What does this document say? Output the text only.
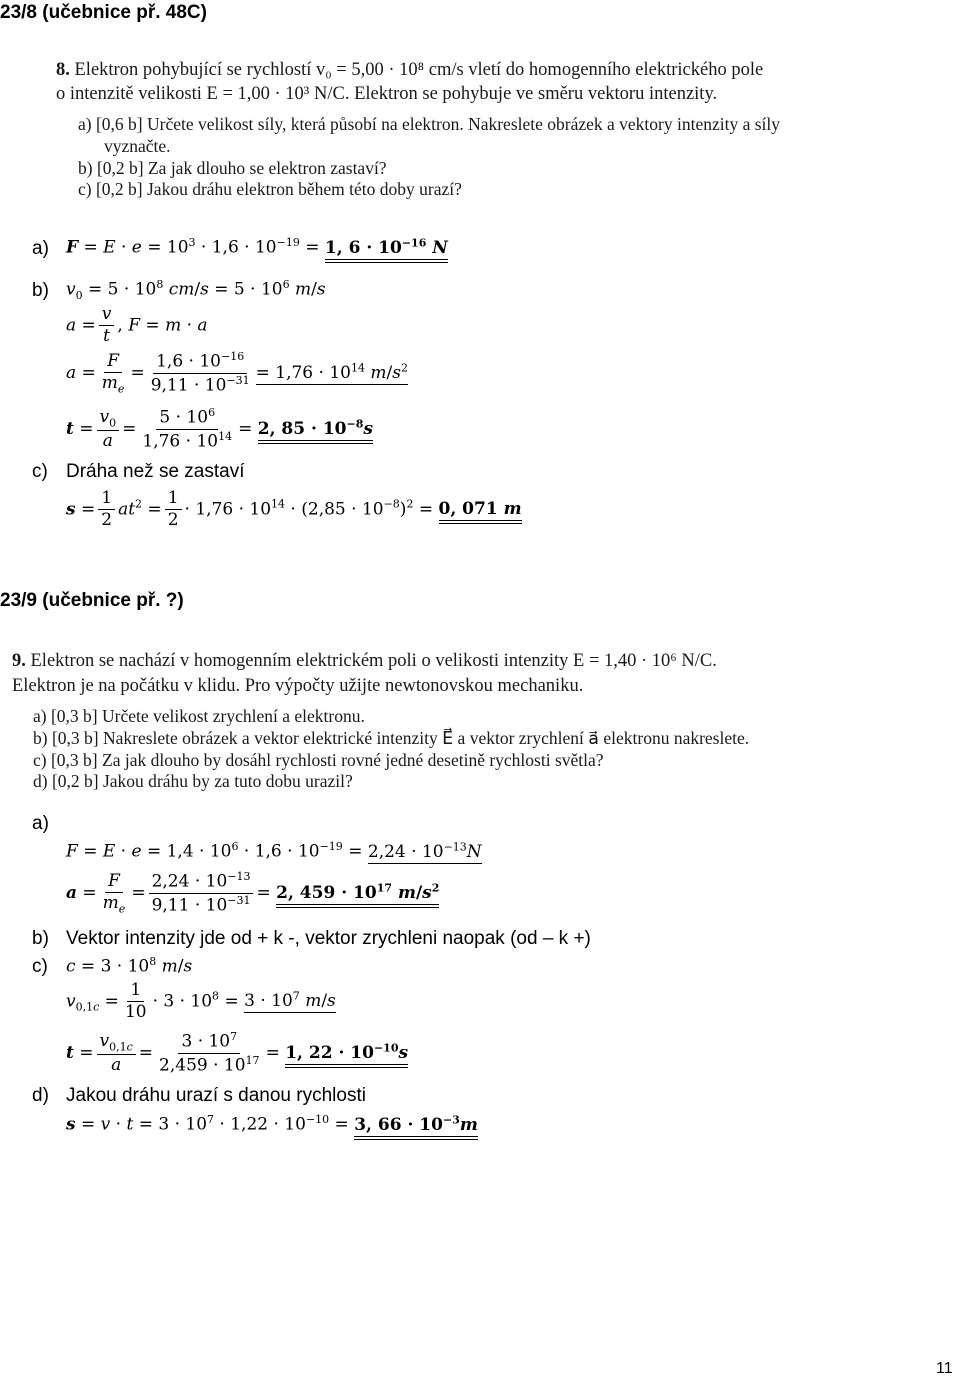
23/8 (učebnice př. 48C)
8. Elektron pohybující se rychlostí v₀ = 5,00 · 10⁸ cm/s vletí do homogenního elektrického pole
o intenzitě velikosti E = 1,00 · 10³ N/C. Elektron se pohybuje ve směru vektoru intenzity.
a) [0,6 b] Určete velikost síly, která působí na elektron. Nakreslete obrázek a vektory intenzity a síly
vyznačte.
b) [0,2 b] Za jak dlouho se elektron zastaví?
c) [0,2 b] Jakou dráhu elektron během této doby urazí?
a) $F = E \cdot e = 10^3 \cdot 1,6 \cdot 10^{-19} = 1$, $6 \cdot 10^{-16}$ N
b) $v_0 = 5 \cdot 10^8$ $cm/s = 5 \cdot 10^6$ m/s
$a = \frac{v}{t}$ , F = m · a
$a = \frac{F}{m_e} = \frac{1,6 \cdot 10^{-16}}{9,11 \cdot 10^{-31}} = 1,76 \cdot 10^{14}$ $m/s^2$
$t = \frac{v_0}{a} = \frac{5 \cdot 10^6}{1,76 \cdot 10^{14}} = 2$, $85 \cdot 10^{-8}s$
c) Dráha než se zastaví
$s = \frac{1}{2} at^2 = \frac{1}{2} \cdot 1,76 \cdot 10^{14} \cdot (2,85 \cdot 10^{-8})^2 = 0$, 071 m
23/9 (učebnice př. ?)
9. Elektron se nachází v homogenním elektrickém poli o velikosti intenzity E = 1,40 · 10⁶ N/C.
Elektron je na počátku v klidu. Pro výpočty užijte newtonovskou mechaniku.
a) [0,3 b] Určete velikost zrychlení a elektronu.
b) [0,3 b] Nakreslete obrázek a vektor elektrické intenzity E⃗ a vektor zrychlení a⃗ elektronu nakreslete.
c) [0,3 b] Za jak dlouho by dosáhl rychlosti rovné jedné desetině rychlosti světla?
d) [0,2 b] Jakou dráhu by za tuto dobu urazil?
a)
$F = E \cdot e = 1,4 \cdot 10^6 \cdot 1,6 \cdot 10^{-19} = 2,24 \cdot 10^{-13}N$
$a = \frac{F}{m_e} = \frac{2,24 \cdot 10^{-13}}{9,11 \cdot 10^{-31}} = 2$, $459 \cdot 10^{17}$ $m/s^2$
b) Vektor intenzity jde od + k -, vektor zrychleni naopak (od – k +)
c) $c = 3 \cdot 10^8$ m/s
$v_{0,1c} = \frac{1}{10} \cdot 3 \cdot 10^8 = 3 \cdot 10^7$ m/s
$t = \frac{v_{0,1c}}{a} = \frac{3 \cdot 10^7}{2,459 \cdot 10^{17}} = 1$, $22 \cdot 10^{-10}s$
d) Jakou dráhu urazí s danou rychlosti
$s = v \cdot t = 3 \cdot 10^7 \cdot 1,22 \cdot 10^{-10} = 3$, $66 \cdot 10^{-3}m$
11
